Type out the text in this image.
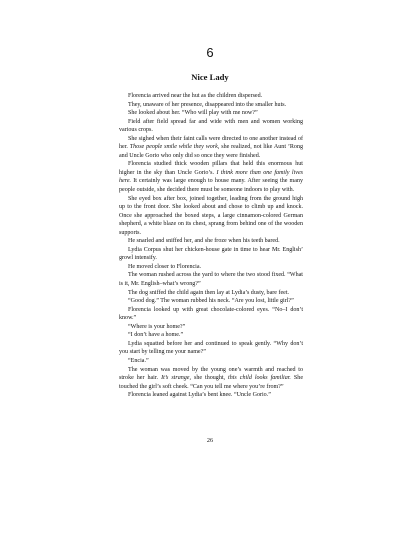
6
Nice Lady

Florencia arrived near the hut as the children dispersed.

They, unaware of her presence, disappeared into the smaller huts.

She looked about her. “Who will play with me now?”

Field after field spread far and wide with men and women working various crops.

She sighed when their faint calls were directed to one another instead of her. Those people smile while they work, she realized, not like Aunt ’Rong and Uncle Gorio who only did so once they were finished.

Florencia studied thick wooden pillars that held this enormous hut higher in the sky than Uncle Gorio’s. I think more than one family lives here. It certainly was large enough to house many. After seeing the many people outside, she decided there must be someone indoors to play with.

She eyed box after box, joined together, leading from the ground high up to the front door. She looked about and chose to climb up and knock. Once she approached the boxed steps, a large cinnamon-colored German shepherd, a white blaze on its chest, sprang from behind one of the wooden supports.

He snarled and sniffed her, and she froze when his teeth bared.

Lydia Corpus shut her chicken-house gate in time to hear Mr. English’ growl intensify.

He moved closer to Florencia.

The woman rushed across the yard to where the two stood fixed. “What is it, Mr. English–what’s wrong?”

The dog sniffed the child again then lay at Lydia’s dusty, bare feet.

“Good dog.” The woman rubbed his neck. “Are you lost, little girl?”

Florencia looked up with great chocolate-colored eyes. “No–I don’t know.”

“Where is your home?”

“I don’t have a home.”

Lydia squatted before her and continued to speak gently. “Why don’t you start by telling me your name?”

“Encia.”

The woman was moved by the young one’s warmth and reached to stroke her hair. It’s strange, she thought, this child looks familiar. She touched the girl’s soft cheek. “Can you tell me where you’re from?”

Florencia leaned against Lydia’s bent knee. “Uncle Gorio.”

26
